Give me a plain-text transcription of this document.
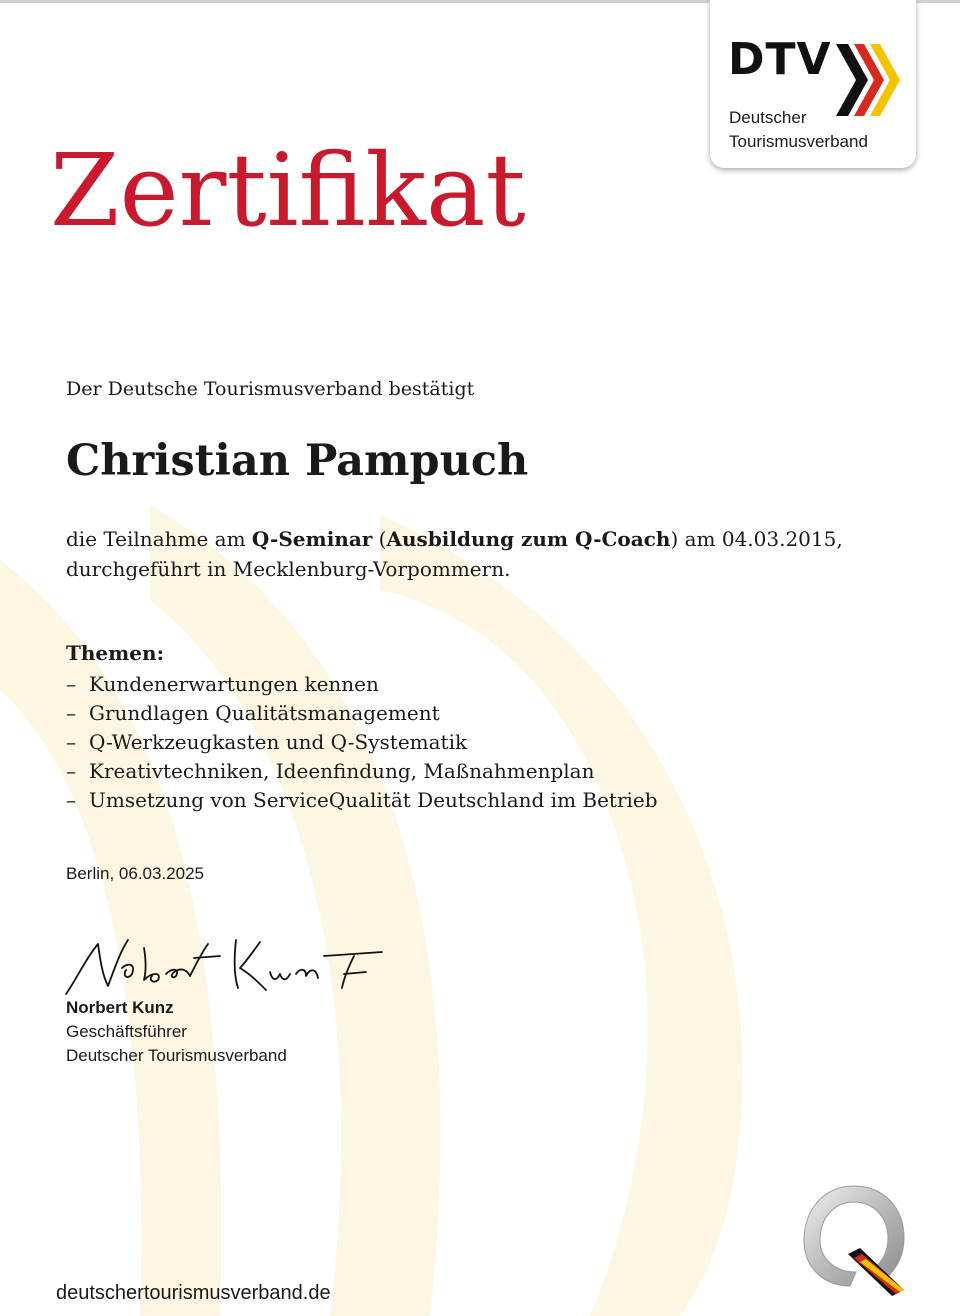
DTV
Deutscher
Tourismusverband
Zertifikat
Der Deutsche Tourismusverband bestätigt
Christian Pampuch
die Teilnahme am Q-Seminar (Ausbildung zum Q-Coach) am 04.03.2015,
durchgeführt in Mecklenburg-Vorpommern.
Themen:
– Kundenerwartungen kennen
– Grundlagen Qualitätsmanagement
– Q-Werkzeugkasten und Q-Systematik
– Kreativtechniken, Ideenfindung, Maßnahmenplan
– Umsetzung von ServiceQualität Deutschland im Betrieb
Berlin, 06.03.2025
Norbert Kunz
Geschäftsführer
Deutscher Tourismusverband
deutschertourismusverband.de
